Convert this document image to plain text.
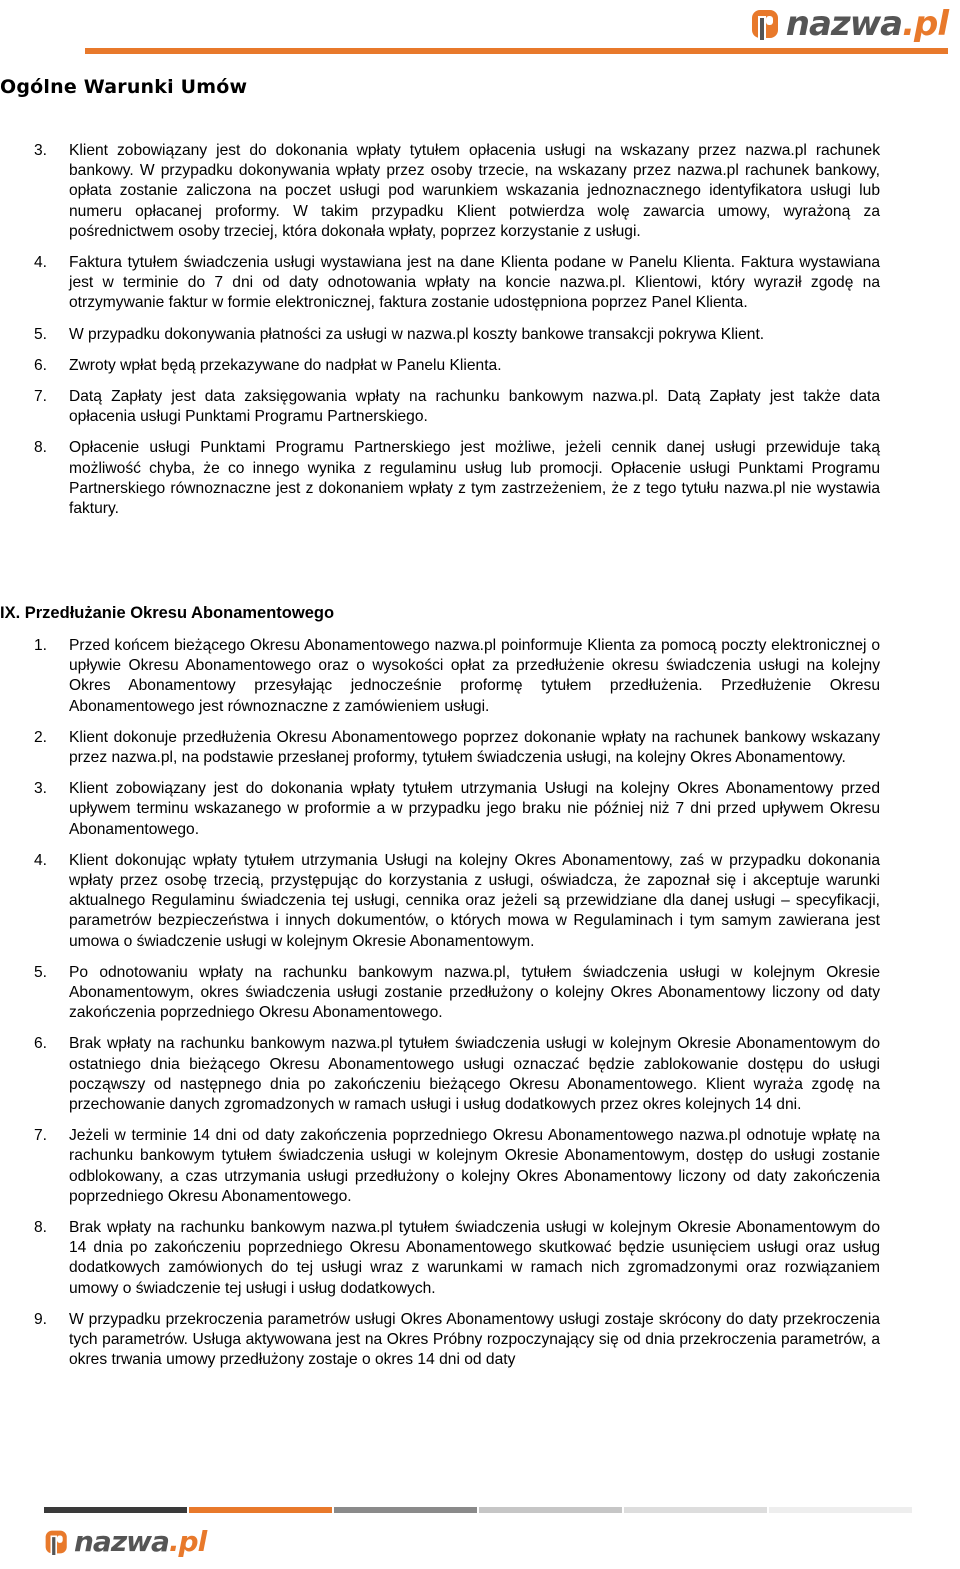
nazwa.pl
Ogólne Warunki Umów
3. Klient zobowiązany jest do dokonania wpłaty tytułem opłacenia usługi na wskazany przez nazwa.pl rachunek bankowy. W przypadku dokonywania wpłaty przez osoby trzecie, na wskazany przez nazwa.pl rachunek bankowy, opłata zostanie zaliczona na poczet usługi pod warunkiem wskazania jednoznacznego identyfikatora usługi lub numeru opłacanej proformy. W takim przypadku Klient potwierdza wolę zawarcia umowy, wyrażoną za pośrednictwem osoby trzeciej, która dokonała wpłaty, poprzez korzystanie z usługi.
4. Faktura tytułem świadczenia usługi wystawiana jest na dane Klienta podane w Panelu Klienta. Faktura wystawiana jest w terminie do 7 dni od daty odnotowania wpłaty na koncie nazwa.pl. Klientowi, który wyraził zgodę na otrzymywanie faktur w formie elektronicznej, faktura zostanie udostępniona poprzez Panel Klienta.
5. W przypadku dokonywania płatności za usługi w nazwa.pl koszty bankowe transakcji pokrywa Klient.
6. Zwroty wpłat będą przekazywane do nadpłat w Panelu Klienta.
7. Datą Zapłaty jest data zaksięgowania wpłaty na rachunku bankowym nazwa.pl. Datą Zapłaty jest także data opłacenia usługi Punktami Programu Partnerskiego.
8. Opłacenie usługi Punktami Programu Partnerskiego jest możliwe, jeżeli cennik danej usługi przewiduje taką możliwość chyba, że co innego wynika z regulaminu usług lub promocji. Opłacenie usługi Punktami Programu Partnerskiego równoznaczne jest z dokonaniem wpłaty z tym zastrzeżeniem, że z tego tytułu nazwa.pl nie wystawia faktury.
IX. Przedłużanie Okresu Abonamentowego
1. Przed końcem bieżącego Okresu Abonamentowego nazwa.pl poinformuje Klienta za pomocą poczty elektronicznej o upływie Okresu Abonamentowego oraz o wysokości opłat za przedłużenie okresu świadczenia usługi na kolejny Okres Abonamentowy przesyłając jednocześnie proformę tytułem przedłużenia. Przedłużenie Okresu Abonamentowego jest równoznaczne z zamówieniem usługi.
2. Klient dokonuje przedłużenia Okresu Abonamentowego poprzez dokonanie wpłaty na rachunek bankowy wskazany przez nazwa.pl, na podstawie przesłanej proformy, tytułem świadczenia usługi, na kolejny Okres Abonamentowy.
3. Klient zobowiązany jest do dokonania wpłaty tytułem utrzymania Usługi na kolejny Okres Abonamentowy przed upływem terminu wskazanego w proformie a w przypadku jego braku nie później niż 7 dni przed upływem Okresu Abonamentowego.
4. Klient dokonując wpłaty tytułem utrzymania Usługi na kolejny Okres Abonamentowy, zaś w przypadku dokonania wpłaty przez osobę trzecią, przystępując do korzystania z usługi, oświadcza, że zapoznał się i akceptuje warunki aktualnego Regulaminu świadczenia tej usługi, cennika oraz jeżeli są przewidziane dla danej usługi – specyfikacji, parametrów bezpieczeństwa i innych dokumentów, o których mowa w Regulaminach i tym samym zawierana jest umowa o świadczenie usługi w kolejnym Okresie Abonamentowym.
5. Po odnotowaniu wpłaty na rachunku bankowym nazwa.pl, tytułem świadczenia usługi w kolejnym Okresie Abonamentowym, okres świadczenia usługi zostanie przedłużony o kolejny Okres Abonamentowy liczony od daty zakończenia poprzedniego Okresu Abonamentowego.
6. Brak wpłaty na rachunku bankowym nazwa.pl tytułem świadczenia usługi w kolejnym Okresie Abonamentowym do ostatniego dnia bieżącego Okresu Abonamentowego usługi oznaczać będzie zablokowanie dostępu do usługi począwszy od następnego dnia po zakończeniu bieżącego Okresu Abonamentowego. Klient wyraża zgodę na przechowanie danych zgromadzonych w ramach usługi i usług dodatkowych przez okres kolejnych 14 dni.
7. Jeżeli w terminie 14 dni od daty zakończenia poprzedniego Okresu Abonamentowego nazwa.pl odnotuje wpłatę na rachunku bankowym tytułem świadczenia usługi w kolejnym Okresie Abonamentowym, dostęp do usługi zostanie odblokowany, a czas utrzymania usługi przedłużony o kolejny Okres Abonamentowy liczony od daty zakończenia poprzedniego Okresu Abonamentowego.
8. Brak wpłaty na rachunku bankowym nazwa.pl tytułem świadczenia usługi w kolejnym Okresie Abonamentowym do 14 dnia po zakończeniu poprzedniego Okresu Abonamentowego skutkować będzie usunięciem usługi oraz usług dodatkowych zamówionych do tej usługi wraz z warunkami w ramach nich zgromadzonymi oraz rozwiązaniem umowy o świadczenie tej usługi i usług dodatkowych.
9. W przypadku przekroczenia parametrów usługi Okres Abonamentowy usługi zostaje skrócony do daty przekroczenia tych parametrów. Usługa aktywowana jest na Okres Próbny rozpoczynający się od dnia przekroczenia parametrów, a okres trwania umowy przedłużony zostaje o okres 14 dni od daty
nazwa.pl
